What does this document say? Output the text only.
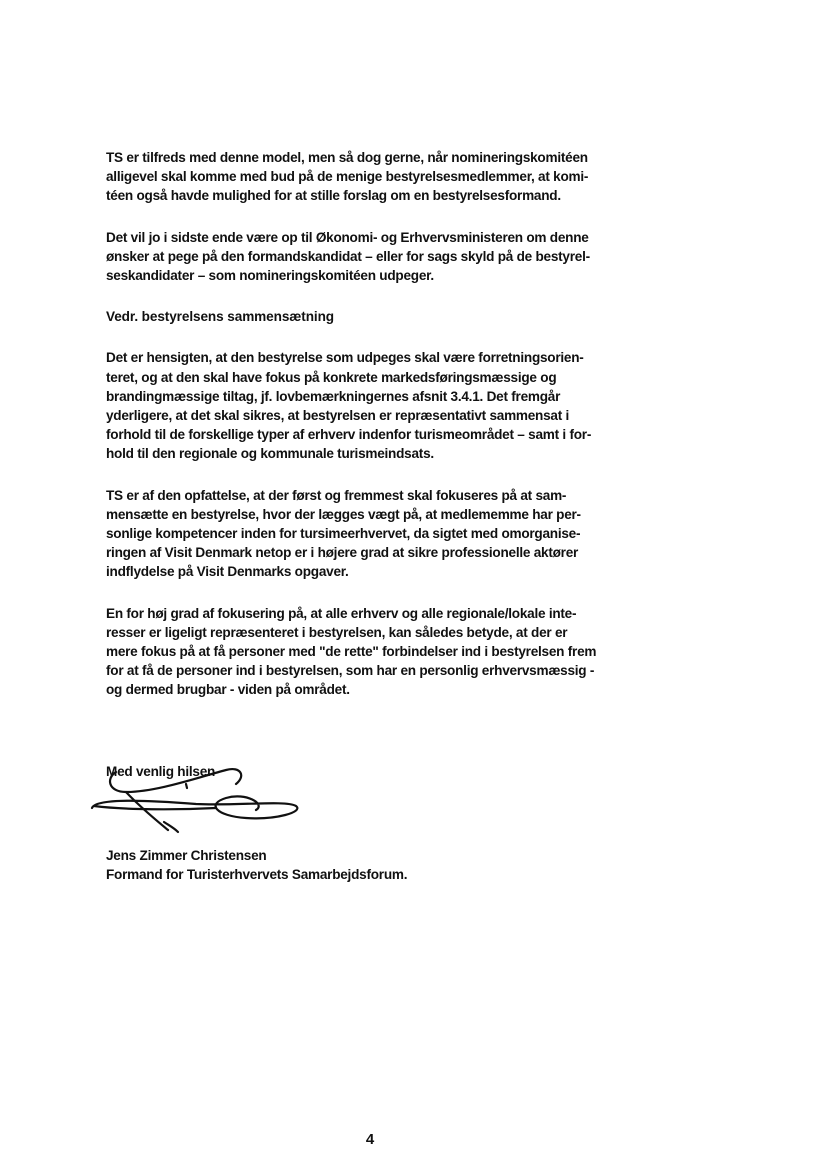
TS er tilfreds med denne model, men så dog gerne, når nomineringskomitéen
alligevel skal komme med bud på de menige bestyrelsesmedlemmer, at komi-
téen også havde mulighed for at stille forslag om en bestyrelsesformand.

Det vil jo i sidste ende være op til Økonomi- og Erhvervsministeren om denne
ønsker at pege på den formandskandidat – eller for sags skyld på de bestyrel-
seskandidater – som nomineringskomitéen udpeger.

Vedr. bestyrelsens sammensætning

Det er hensigten, at den bestyrelse som udpeges skal være forretningsorien-
teret, og at den skal have fokus på konkrete markedsføringsmæssige og
brandingmæssige tiltag, jf. lovbemærkningernes afsnit 3.4.1. Det fremgår
yderligere, at det skal sikres, at bestyrelsen er repræsentativt sammensat i
forhold til de forskellige typer af erhverv indenfor turismeområdet – samt i for-
hold til den regionale og kommunale turismeindsats.

TS er af den opfattelse, at der først og fremmest skal fokuseres på at sam-
mensætte en bestyrelse, hvor der lægges vægt på, at medlememme har per-
sonlige kompetencer inden for tursimeerhvervet, da sigtet med omorganise-
ringen af Visit Denmark netop er i højere grad at sikre professionelle aktører
indflydelse på Visit Denmarks opgaver.

En for høj grad af fokusering på, at alle erhverv og alle regionale/lokale inte-
resser er ligeligt repræsenteret i bestyrelsen, kan således betyde, at der er
mere fokus på at få personer med "de rette" forbindelser ind i bestyrelsen frem
for at få de personer ind i bestyrelsen, som har en personlig erhvervsmæssig -
og dermed brugbar - viden på området.

Med venlig hilsen
Jens Zimmer Christensen
Formand for Turisterhvervets Samarbejdsforum.
4
